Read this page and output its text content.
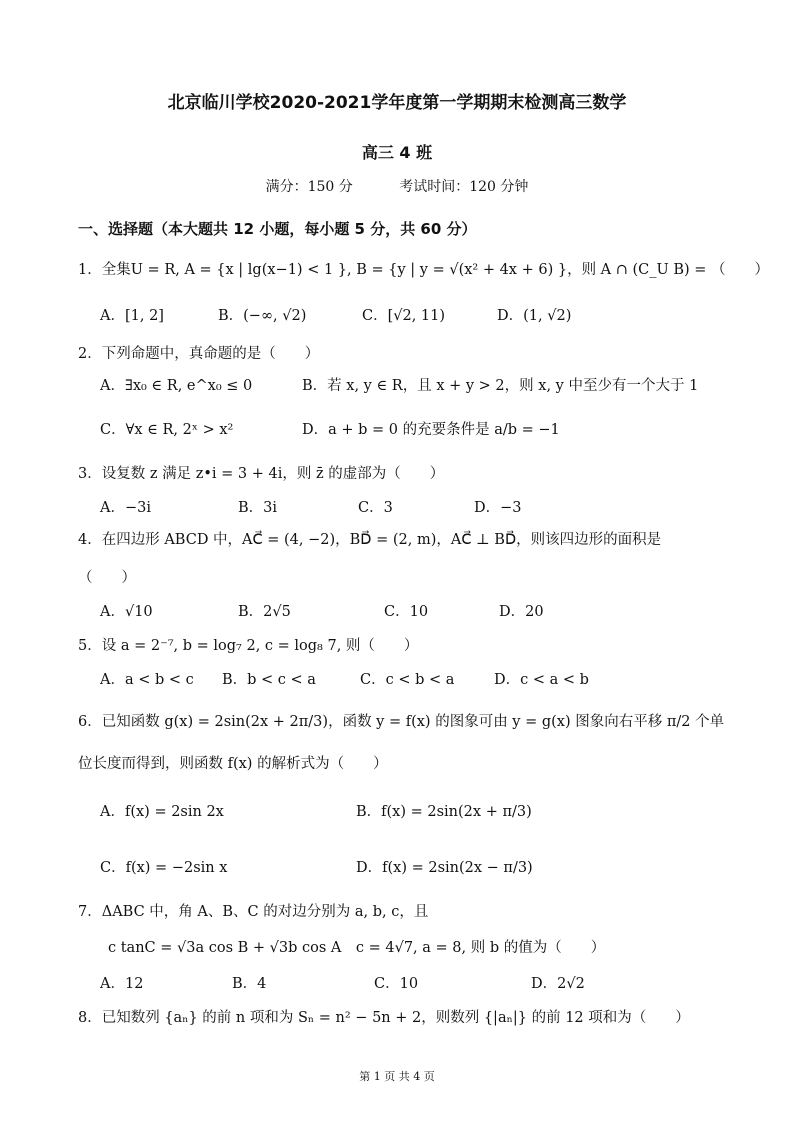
北京临川学校2020-2021学年度第一学期期末检测高三数学
高三 4 班
满分：150 分	考试时间：120 分钟
一、选择题（本大题共 12 小题，每小题 5 分，共 60 分）
1．全集U = R, A = {x | lg(x−1) < 1 }, B = {y | y = √(x² + 4x + 6) }，则 A ∩ (C_U B) = （　　）
A．[1, 2]	B．(−∞, √2)	C．[√2, 11)	D．(1, √2)
2．下列命题中，真命题的是（　　）
A．∃x₀ ∈ R, e^x₀ ≤ 0	B．若 x, y ∈ R，且 x + y > 2，则 x, y 中至少有一个大于 1
C．∀x ∈ R, 2ˣ > x²	D．a + b = 0 的充要条件是 a/b = −1
3．设复数 z 满足 z•i = 3 + 4i，则 z̄ 的虚部为（　　）
A．−3i	B．3i	C．3	D．−3
4．在四边形 ABCD 中，AC⃗ = (4, −2)，BD⃗ = (2, m)，AC⃗ ⊥ BD⃗，则该四边形的面积是
（　　）
A．√10	B．2√5	C．10	D．20
5．设 a = 2⁻⁷, b = log₇ 2, c = log₈ 7, 则（　　）
A．a < b < c B．b < c < a	C．c < b < a	D．c < a < b
6．已知函数 g(x) = 2sin(2x + 2π/3)，函数 y = f(x) 的图象可由 y = g(x) 图象向右平移 π/2 个单
位长度而得到，则函数 f(x) 的解析式为（　　）
A．f(x) = 2sin 2x	B．f(x) = 2sin(2x + π/3)
C．f(x) = −2sin x	D．f(x) = 2sin(2x − π/3)
7．ΔABC 中，角 A、B、C 的对边分别为 a, b, c，且
c tanC = √3a cos B + √3b cos A　c = 4√7, a = 8, 则 b 的值为（　　）
A．12	B．4	C．10	D．2√2
8．已知数列 {aₙ} 的前 n 项和为 Sₙ = n² − 5n + 2，则数列 {|aₙ|} 的前 12 项和为（　　）
第 1 页 共 4 页
